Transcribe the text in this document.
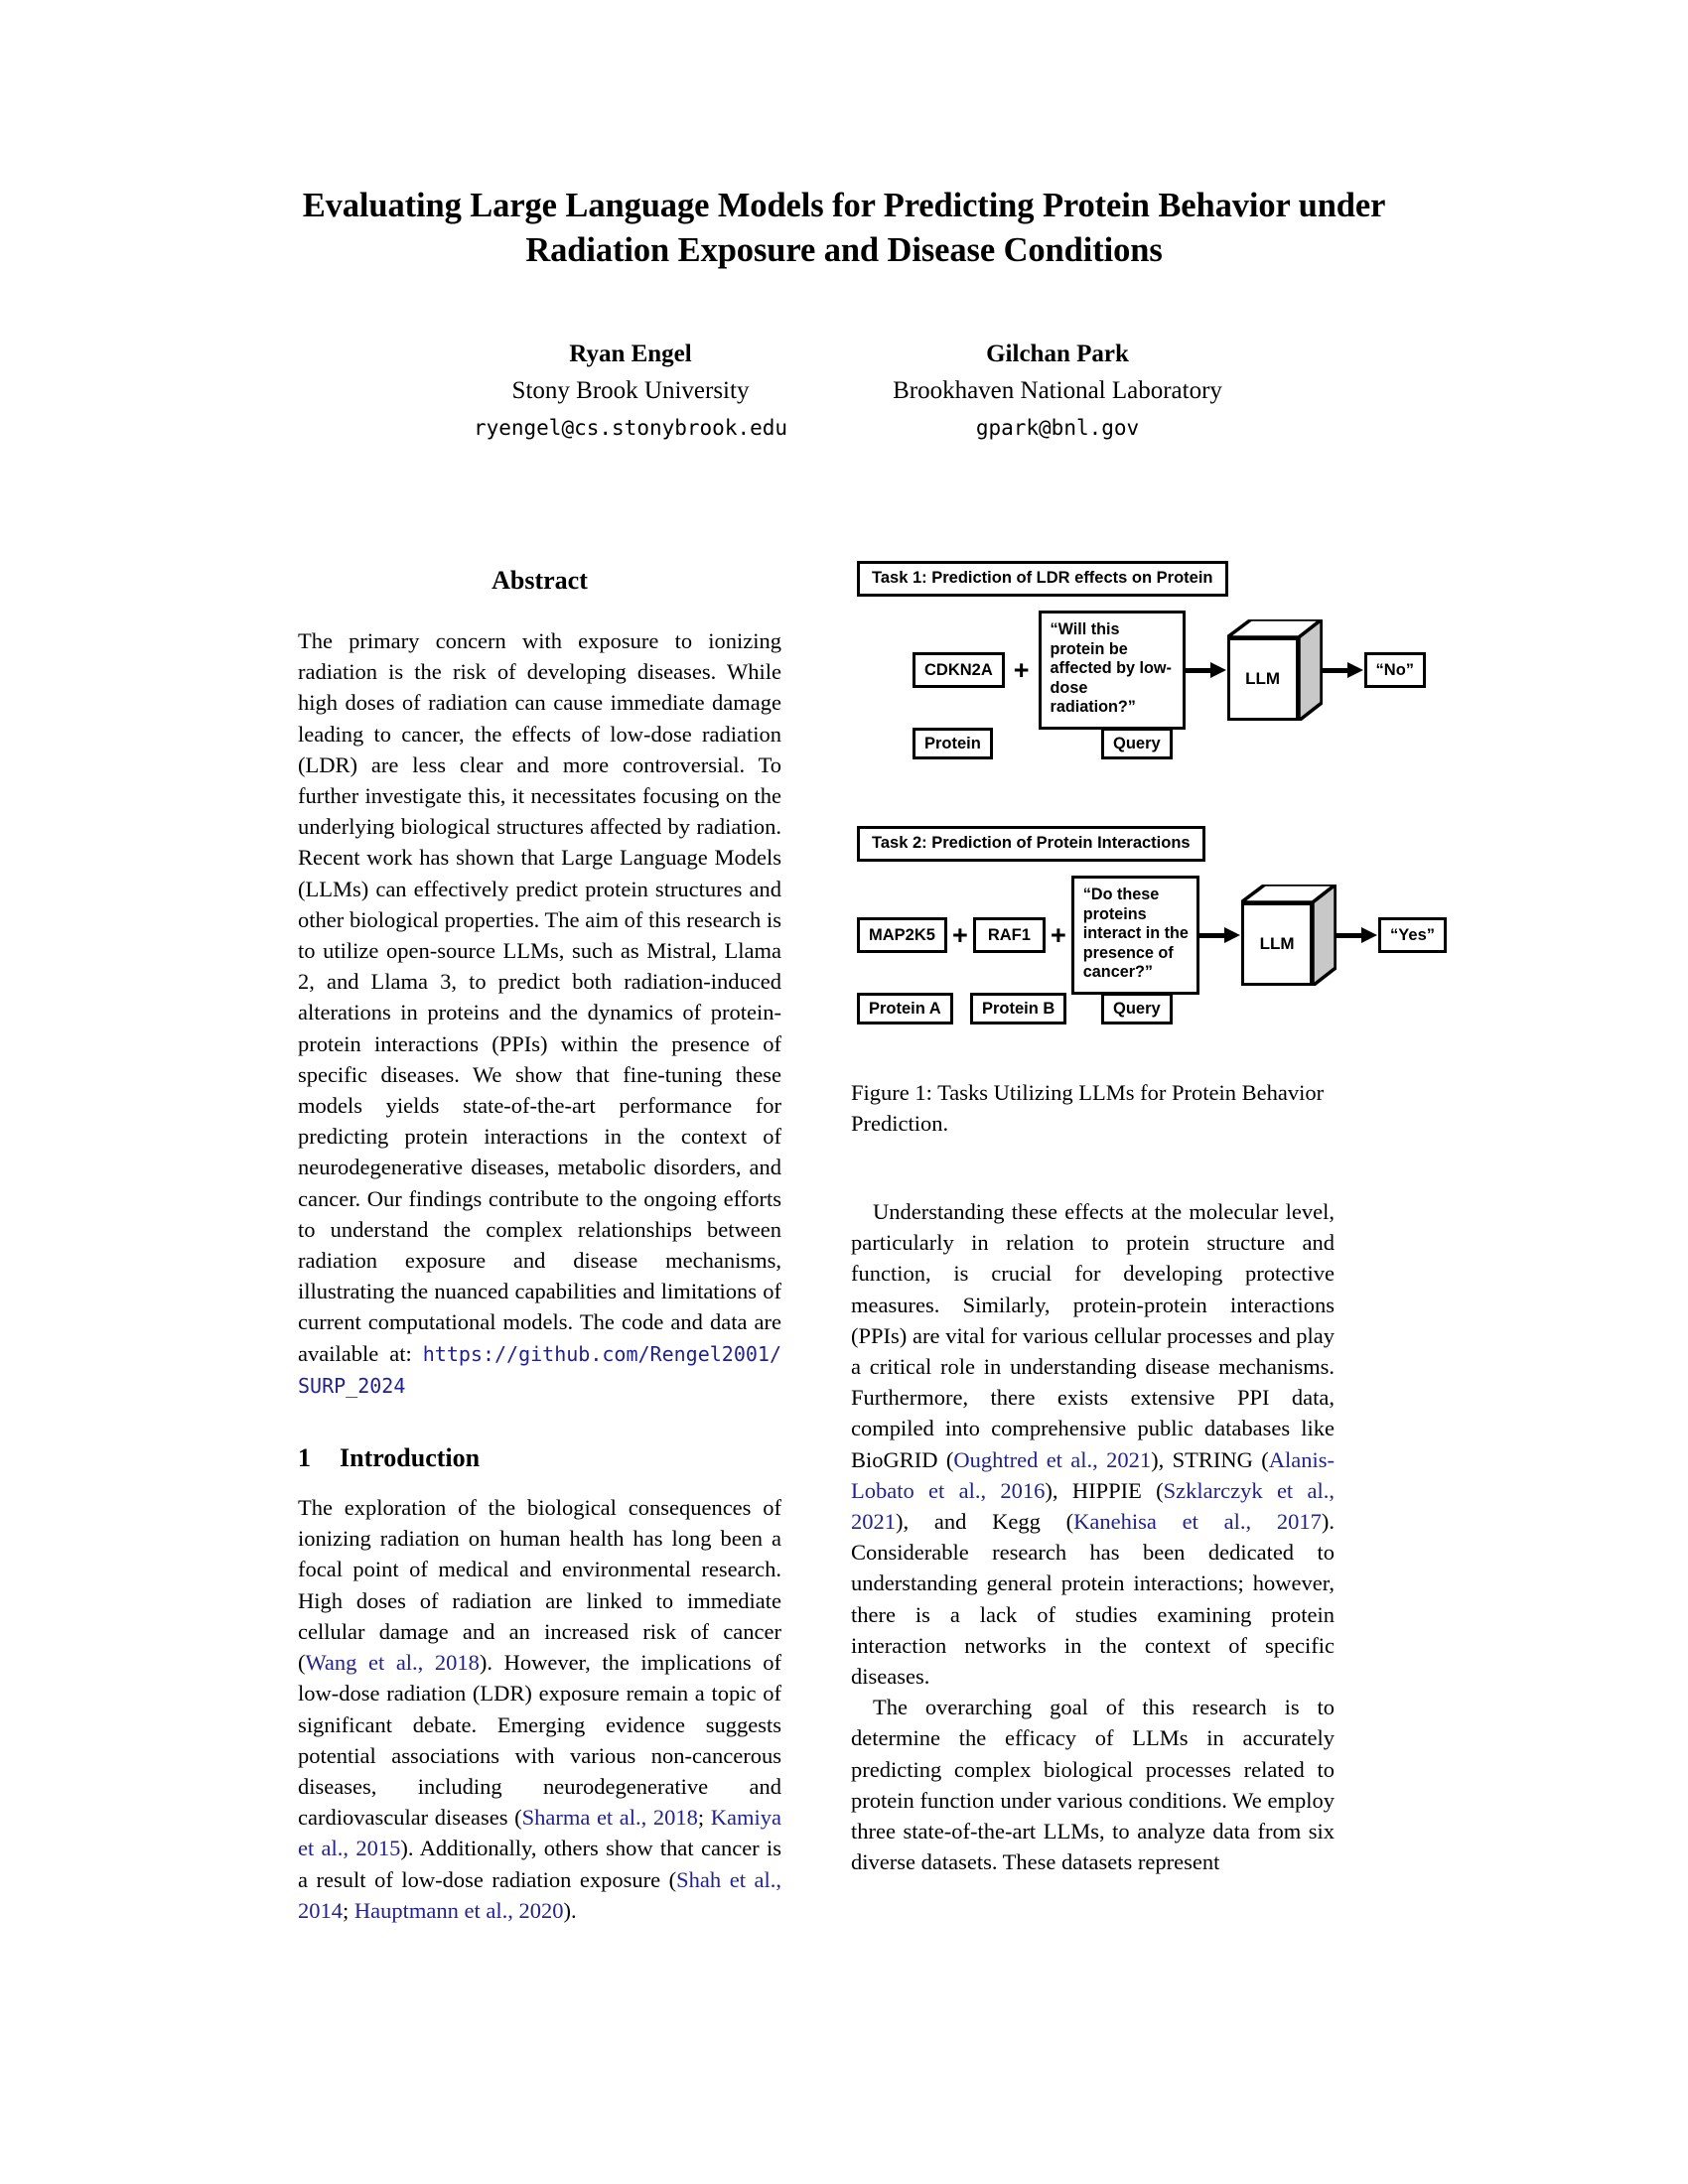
Evaluating Large Language Models for Predicting Protein Behavior under
Radiation Exposure and Disease Conditions
Ryan Engel
Stony Brook University
ryengel@cs.stonybrook.edu
Gilchan Park
Brookhaven National Laboratory
gpark@bnl.gov
Abstract
The primary concern with exposure to ionizing radiation is the risk of developing diseases. While high doses of radiation can cause immediate damage leading to cancer, the effects of low-dose radiation (LDR) are less clear and more controversial. To further investigate this, it necessitates focusing on the underlying biological structures affected by radiation. Recent work has shown that Large Language Models (LLMs) can effectively predict protein structures and other biological properties. The aim of this research is to utilize open-source LLMs, such as Mistral, Llama 2, and Llama 3, to predict both radiation-induced alterations in proteins and the dynamics of protein-protein interactions (PPIs) within the presence of specific diseases. We show that fine-tuning these models yields state-of-the-art performance for predicting protein interactions in the context of neurodegenerative diseases, metabolic disorders, and cancer. Our findings contribute to the ongoing efforts to understand the complex relationships between radiation exposure and disease mechanisms, illustrating the nuanced capabilities and limitations of current computational models. The code and data are available at: https://github.com/Rengel2001/SURP_2024
1	Introduction

The exploration of the biological consequences of ionizing radiation on human health has long been a focal point of medical and environmental research. High doses of radiation are linked to immediate cellular damage and an increased risk of cancer (Wang et al., 2018). However, the implications of low-dose radiation (LDR) exposure remain a topic of significant debate. Emerging evidence suggests potential associations with various non-cancerous diseases, including neurodegenerative and cardiovascular diseases (Sharma et al., 2018; Kamiya et al., 2015). Additionally, others show that cancer is a result of low-dose radiation exposure (Shah et al., 2014; Hauptmann et al., 2020).

Task 1: Prediction of LDR effects on Protein
CDKN2A +
“Will this protein be affected by low-dose radiation?”
LLM	“No”
Protein	Query
Task 2: Prediction of Protein Interactions
MAP2K5 +	RAF1 +
“Do these proteins interact in the presence of cancer?”
LLM	“Yes”
Protein A	Protein B	Query
Figure 1: Tasks Utilizing LLMs for Protein Behavior Prediction.

Understanding these effects at the molecular level, particularly in relation to protein structure and function, is crucial for developing protective measures. Similarly, protein-protein interactions (PPIs) are vital for various cellular processes and play a critical role in understanding disease mechanisms. Furthermore, there exists extensive PPI data, compiled into comprehensive public databases like BioGRID (Oughtred et al., 2021), STRING (Alanis-Lobato et al., 2016), HIPPIE (Szklarczyk et al., 2021), and Kegg (Kanehisa et al., 2017). Considerable research has been dedicated to understanding general protein interactions; however, there is a lack of studies examining protein interaction networks in the context of specific diseases.

The overarching goal of this research is to determine the efficacy of LLMs in accurately predicting complex biological processes related to protein function under various conditions. We employ three state-of-the-art LLMs, to analyze data from six diverse datasets. These datasets represent
